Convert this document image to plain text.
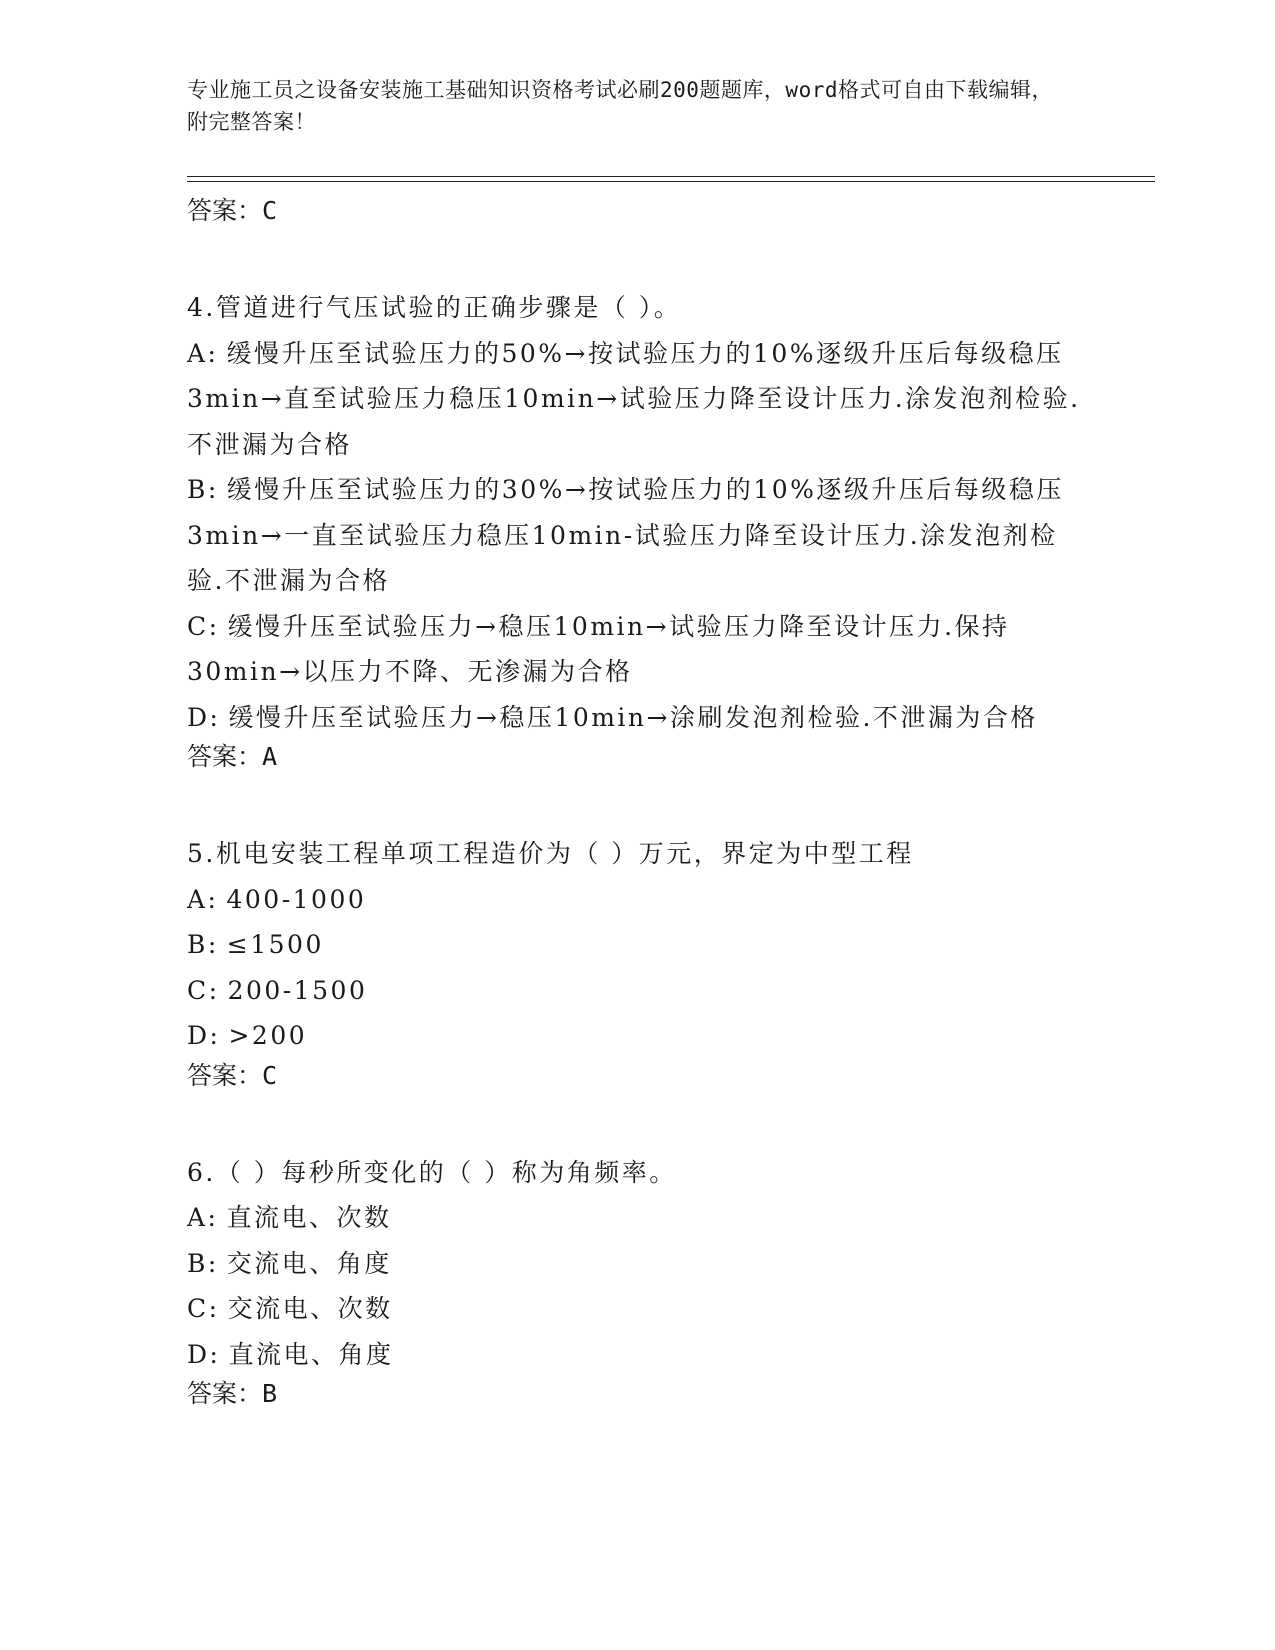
专业施工员之设备安装施工基础知识资格考试必刷200题题库，word格式可自由下载编辑，附完整答案！

答案：C

4.管道进行气压试验的正确步骤是（ ）。

A: 缓慢升压至试验压力的50%→按试验压力的10%逐级升压后每级稳压3min→直至试验压力稳压10min→试验压力降至设计压力.涂发泡剂检验.不泄漏为合格

B: 缓慢升压至试验压力的30%→按试验压力的10%逐级升压后每级稳压3min→一直至试验压力稳压10min-试验压力降至设计压力.涂发泡剂检验.不泄漏为合格

C: 缓慢升压至试验压力→稳压10min→试验压力降至设计压力.保持30min→以压力不降、无渗漏为合格

D: 缓慢升压至试验压力→稳压10min→涂刷发泡剂检验.不泄漏为合格

答案：A

5.机电安装工程单项工程造价为（ ）万元，界定为中型工程

A: 400-1000

B: ≤1500

C: 200-1500

D: >200

答案：C

6.（ ）每秒所变化的（ ）称为角频率。

A: 直流电、次数

B: 交流电、角度

C: 交流电、次数

D: 直流电、角度

答案：B
